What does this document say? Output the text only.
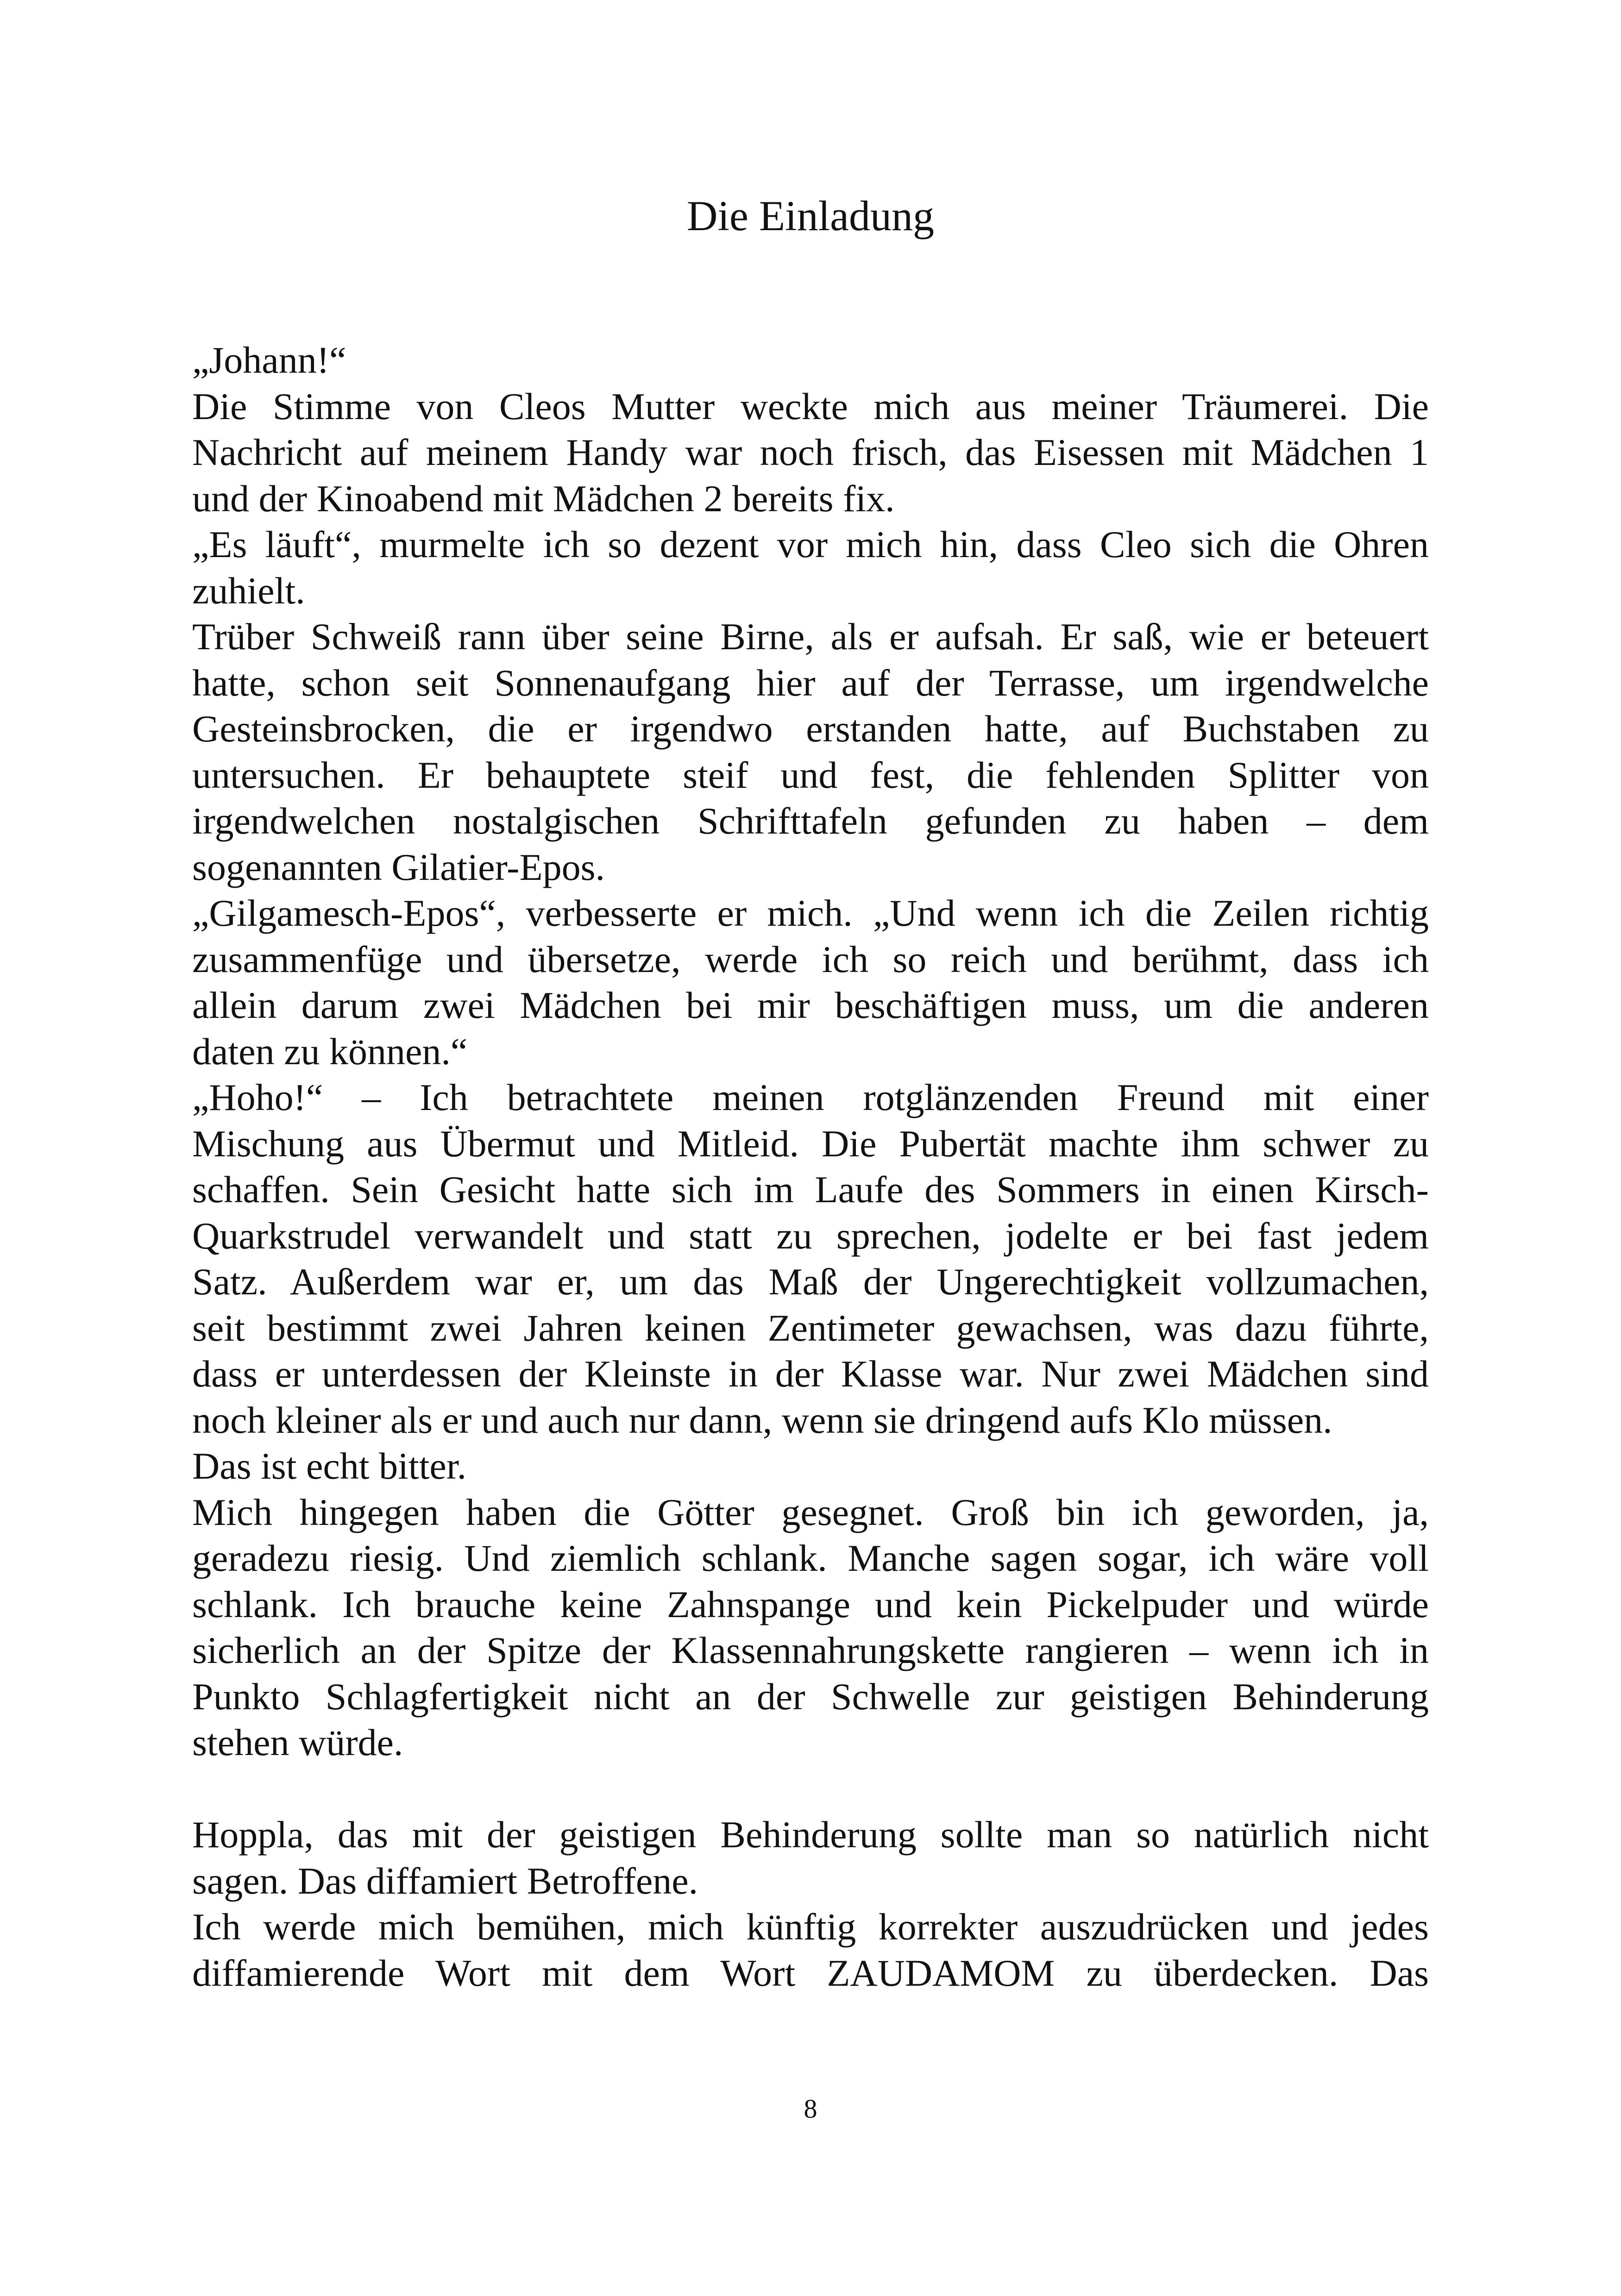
Die Einladung
„Johann!“
Die Stimme von Cleos Mutter weckte mich aus meiner Träumerei. Die
Nachricht auf meinem Handy war noch frisch, das Eisessen mit Mädchen 1
und der Kinoabend mit Mädchen 2 bereits fix.
„Es läuft“, murmelte ich so dezent vor mich hin, dass Cleo sich die Ohren
zuhielt.
Trüber Schweiß rann über seine Birne, als er aufsah. Er saß, wie er beteuert
hatte, schon seit Sonnenaufgang hier auf der Terrasse, um irgendwelche
Gesteinsbrocken, die er irgendwo erstanden hatte, auf Buchstaben zu
untersuchen. Er behauptete steif und fest, die fehlenden Splitter von
irgendwelchen nostalgischen Schrifttafeln gefunden zu haben – dem
sogenannten Gilatier-Epos.
„Gilgamesch-Epos“, verbesserte er mich. „Und wenn ich die Zeilen richtig
zusammenfüge und übersetze, werde ich so reich und berühmt, dass ich
allein darum zwei Mädchen bei mir beschäftigen muss, um die anderen
daten zu können.“
„Hoho!“ – Ich betrachtete meinen rotglänzenden Freund mit einer
Mischung aus Übermut und Mitleid. Die Pubertät machte ihm schwer zu
schaffen. Sein Gesicht hatte sich im Laufe des Sommers in einen Kirsch-
Quarkstrudel verwandelt und statt zu sprechen, jodelte er bei fast jedem
Satz. Außerdem war er, um das Maß der Ungerechtigkeit vollzumachen,
seit bestimmt zwei Jahren keinen Zentimeter gewachsen, was dazu führte,
dass er unterdessen der Kleinste in der Klasse war. Nur zwei Mädchen sind
noch kleiner als er und auch nur dann, wenn sie dringend aufs Klo müssen.
Das ist echt bitter.
Mich hingegen haben die Götter gesegnet. Groß bin ich geworden, ja,
geradezu riesig. Und ziemlich schlank. Manche sagen sogar, ich wäre voll
schlank. Ich brauche keine Zahnspange und kein Pickelpuder und würde
sicherlich an der Spitze der Klassennahrungskette rangieren – wenn ich in
Punkto Schlagfertigkeit nicht an der Schwelle zur geistigen Behinderung
stehen würde.
Hoppla, das mit der geistigen Behinderung sollte man so natürlich nicht
sagen. Das diffamiert Betroffene.
Ich werde mich bemühen, mich künftig korrekter auszudrücken und jedes
diffamierende Wort mit dem Wort ZAUDAMOM zu überdecken. Das
8
